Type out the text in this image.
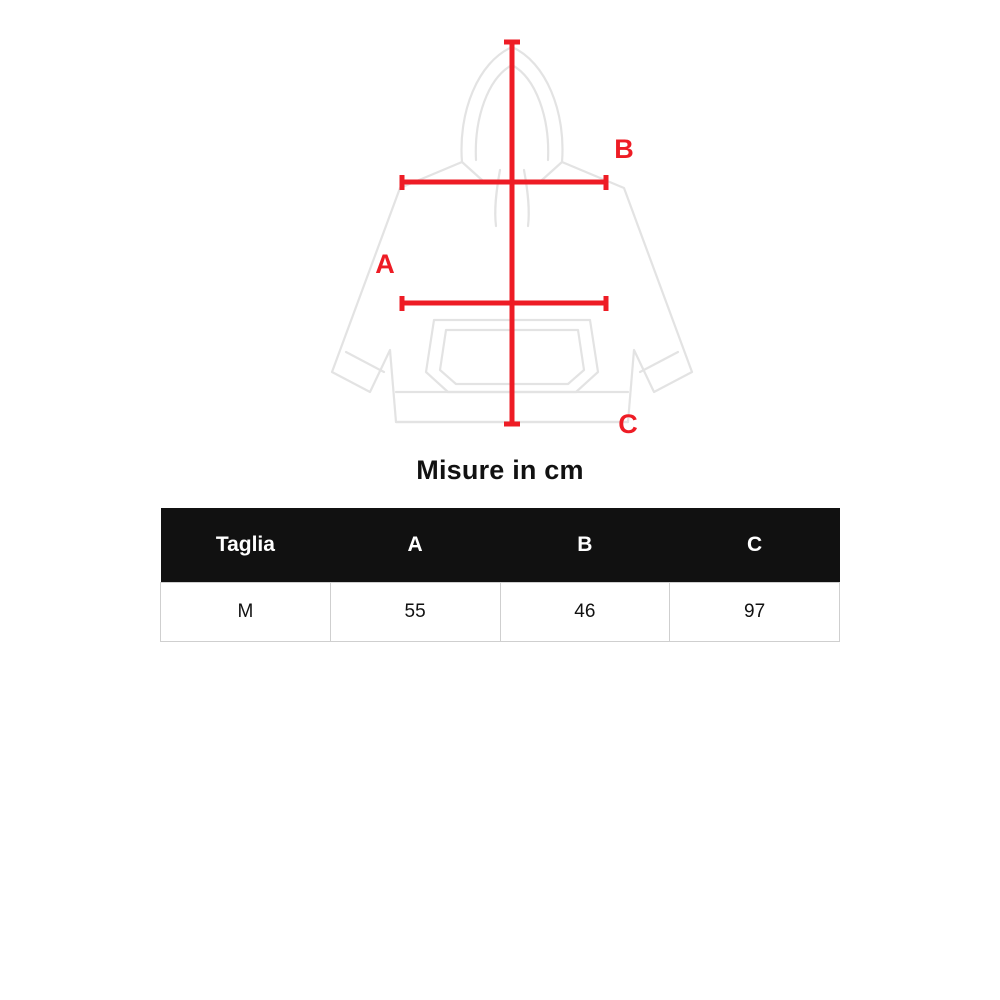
A
B
C
Misure in cm
Taglia	A	B	C
M	55	46	97
